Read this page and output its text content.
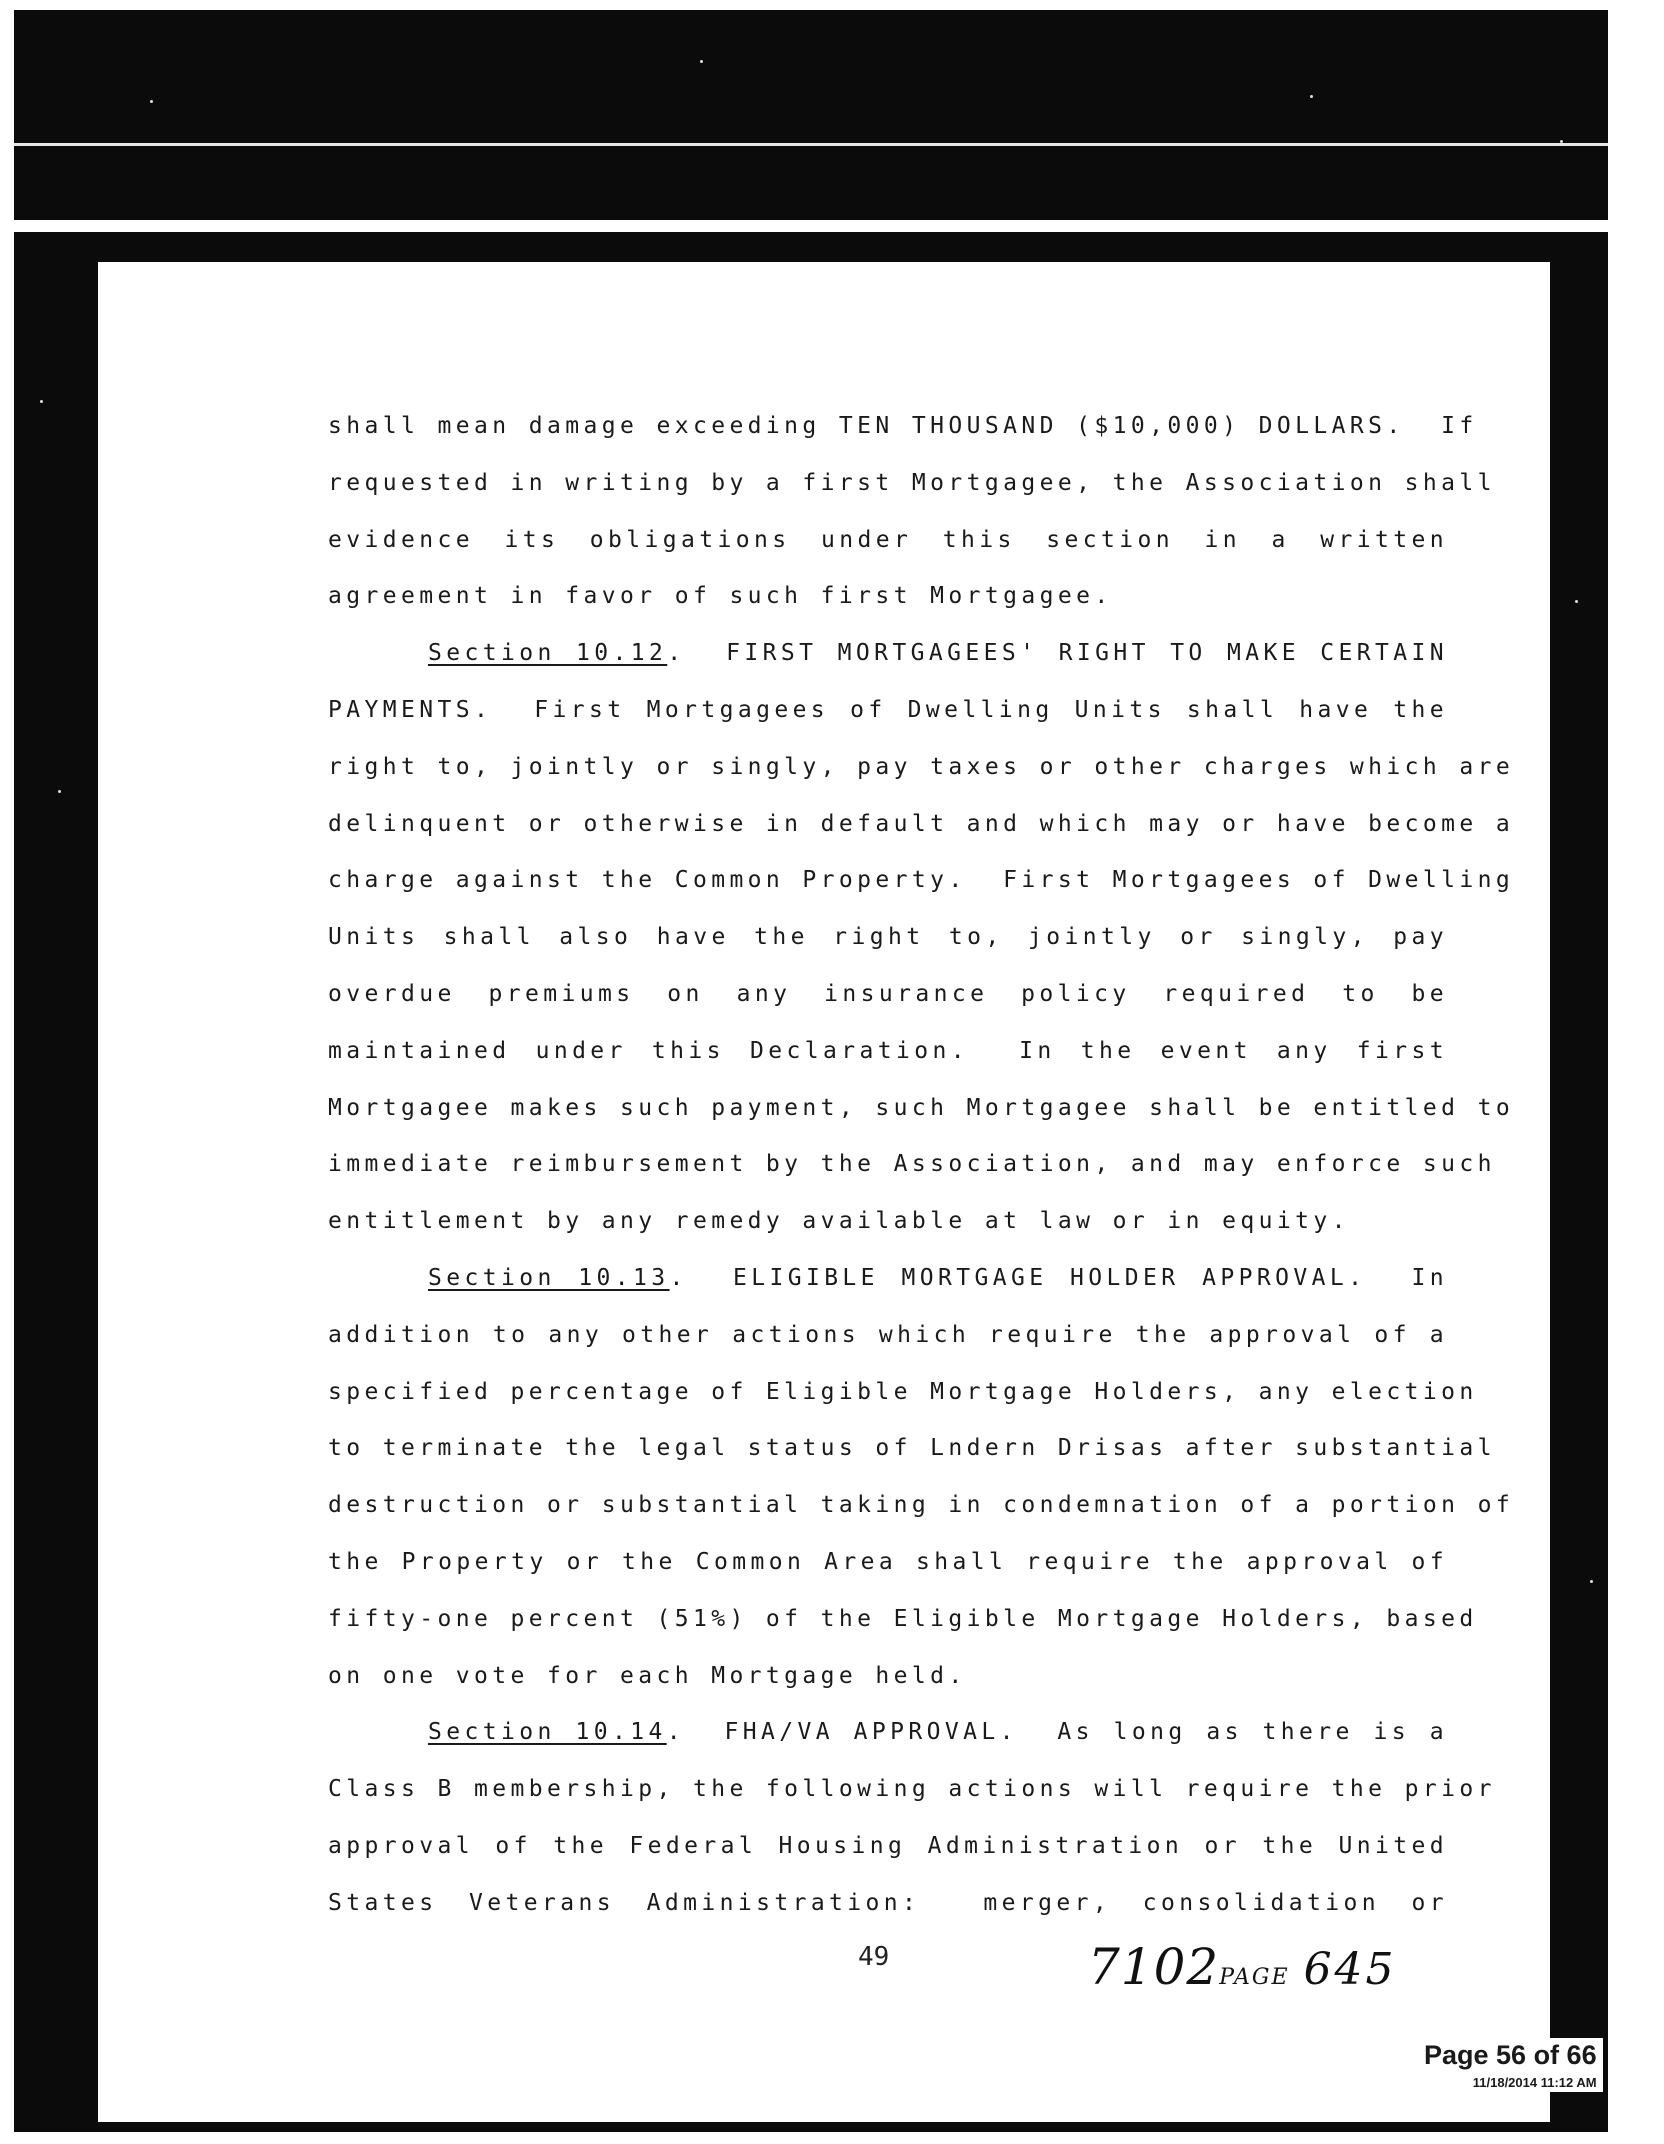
shall mean damage exceeding TEN THOUSAND ($10,000) DOLLARS.  If
requested in writing by a first Mortgagee, the Association shall
evidence its obligations under this section in a written
agreement in favor of such first Mortgagee.
Section 10.12.  FIRST MORTGAGEES' RIGHT TO MAKE CERTAIN
PAYMENTS.  First Mortgagees of Dwelling Units shall have the
right to, jointly or singly, pay taxes or other charges which are
delinquent or otherwise in default and which may or have become a
charge against the Common Property.  First Mortgagees of Dwelling
Units shall also have the right to, jointly or singly, pay
overdue premiums on any insurance policy required to be
maintained under this Declaration.  In the event any first
Mortgagee makes such payment, such Mortgagee shall be entitled to
immediate reimbursement by the Association, and may enforce such
entitlement by any remedy available at law or in equity.
Section 10.13.  ELIGIBLE MORTGAGE HOLDER APPROVAL.  In
addition to any other actions which require the approval of a
specified percentage of Eligible Mortgage Holders, any election
to terminate the legal status of Lndern Drisas after substantial
destruction or substantial taking in condemnation of a portion of
the Property or the Common Area shall require the approval of
fifty-one percent (51%) of the Eligible Mortgage Holders, based
on one vote for each Mortgage held.
Section 10.14.  FHA/VA APPROVAL.  As long as there is a
Class B membership, the following actions will require the prior
approval of the Federal Housing Administration or the United
States Veterans Administration:  merger, consolidation or
49	7102PAGE 645
Page 56 of 66
11/18/2014 11:12 AM
